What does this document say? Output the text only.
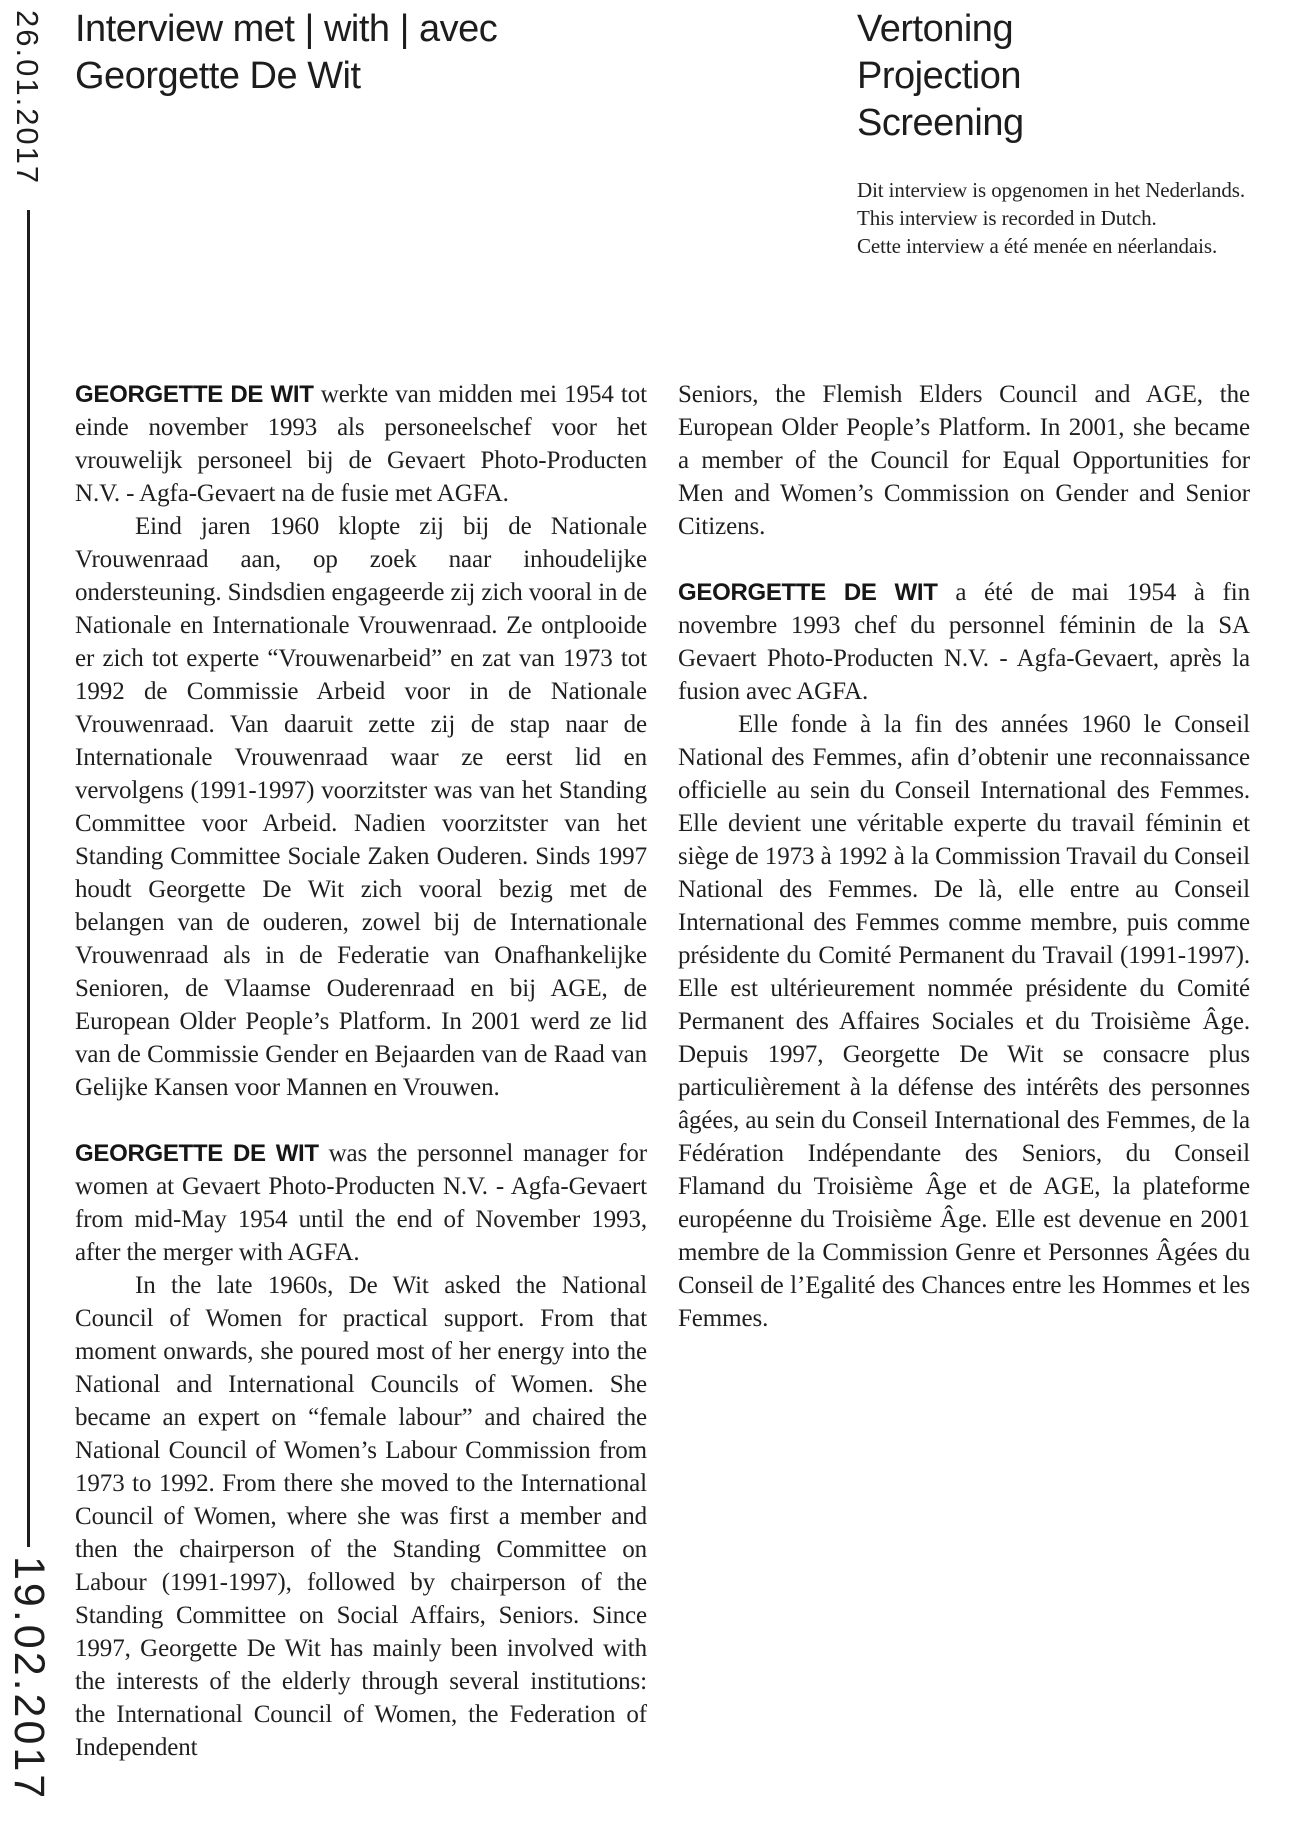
26.01.2017
19.02.2017
Interview met | with | avec
Georgette De Wit
Vertoning
Projection
Screening
Dit interview is opgenomen in het Nederlands.
This interview is recorded in Dutch.
Cette interview a été menée en néerlandais.

GEORGETTE DE WIT werkte van midden mei 1954 tot einde november 1993 als personeelschef voor het vrouwelijk personeel bij de Gevaert Photo-Producten N.V. - Agfa-Gevaert na de fusie met AGFA.

Eind jaren 1960 klopte zij bij de Nationale Vrouwenraad aan, op zoek naar inhoudelijke ondersteuning. Sindsdien engageerde zij zich vooral in de Nationale en Internationale Vrouwenraad. Ze ontplooide er zich tot experte “Vrouwenarbeid” en zat van 1973 tot 1992 de Commissie Arbeid voor in de Nationale Vrouwenraad. Van daaruit zette zij de stap naar de Internationale Vrouwenraad waar ze eerst lid en vervolgens (1991-1997) voorzitster was van het Standing Committee voor Arbeid. Nadien voorzitster van het Standing Committee Sociale Zaken Ouderen. Sinds 1997 houdt Georgette De Wit zich vooral bezig met de belangen van de ouderen, zowel bij de Internationale Vrouwenraad als in de Federatie van Onafhankelijke Senioren, de Vlaamse Ouderenraad en bij AGE, de European Older People’s Platform. In 2001 werd ze lid van de Commissie Gender en Bejaarden van de Raad van Gelijke Kansen voor Mannen en Vrouwen.

GEORGETTE DE WIT was the personnel manager for women at Gevaert Photo-Producten N.V. - Agfa-Gevaert from mid-May 1954 until the end of November 1993, after the merger with AGFA.

In the late 1960s, De Wit asked the National Council of Women for practical support. From that moment onwards, she poured most of her energy into the National and International Councils of Women. She became an expert on “female labour” and chaired the National Council of Women’s Labour Commission from 1973 to 1992. From there she moved to the International Council of Women, where she was first a member and then the chairperson of the Standing Committee on Labour (1991-1997), followed by chairperson of the Standing Committee on Social Affairs, Seniors. Since 1997, Georgette De Wit has mainly been involved with the interests of the elderly through several institutions: the International Council of Women, the Federation of Independent

Seniors, the Flemish Elders Council and AGE, the European Older People’s Platform. In 2001, she became a member of the Council for Equal Opportunities for Men and Women’s Commission on Gender and Senior Citizens.

GEORGETTE DE WIT a été de mai 1954 à fin novembre 1993 chef du personnel féminin de la SA Gevaert Photo-Producten N.V. - Agfa-Gevaert, après la fusion avec AGFA.

Elle fonde à la fin des années 1960 le Conseil National des Femmes, afin d’obtenir une reconnaissance officielle au sein du Conseil International des Femmes. Elle devient une véritable experte du travail féminin et siège de 1973 à 1992 à la Commission Travail du Conseil National des Femmes. De là, elle entre au Conseil International des Femmes comme membre, puis comme présidente du Comité Permanent du Travail (1991-1997). Elle est ultérieurement nommée présidente du Comité Permanent des Affaires Sociales et du Troisième Âge. Depuis 1997, Georgette De Wit se consacre plus particulièrement à la défense des intérêts des personnes âgées, au sein du Conseil International des Femmes, de la Fédération Indépendante des Seniors, du Conseil Flamand du Troisième Âge et de AGE, la plateforme européenne du Troisième Âge. Elle est devenue en 2001 membre de la Commission Genre et Personnes Âgées du Conseil de l’Egalité des Chances entre les Hommes et les Femmes.
